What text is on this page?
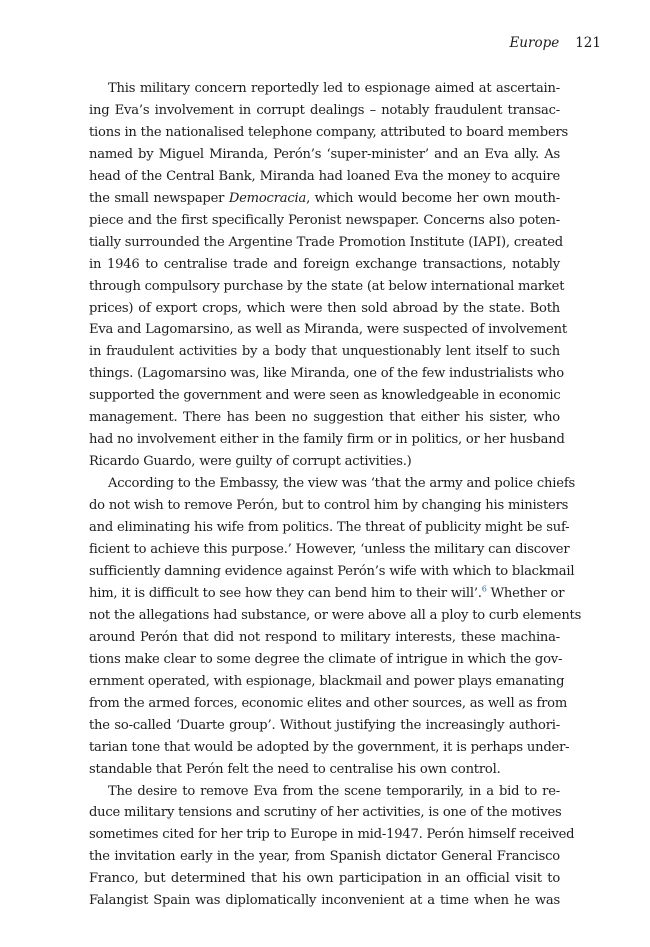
Europe 121
This military concern reportedly led to espionage aimed at ascertain-
ing Eva’s involvement in corrupt dealings – notably fraudulent transac-
tions in the nationalised telephone company, attributed to board members
named by Miguel Miranda, Perón’s ‘super-minister’ and an Eva ally. As
head of the Central Bank, Miranda had loaned Eva the money to acquire
the small newspaper Democracia, which would become her own mouth-
piece and the first specifically Peronist newspaper. Concerns also poten-
tially surrounded the Argentine Trade Promotion Institute (IAPI), created
in 1946 to centralise trade and foreign exchange transactions, notably
through compulsory purchase by the state (at below international market
prices) of export crops, which were then sold abroad by the state. Both
Eva and Lagomarsino, as well as Miranda, were suspected of involvement
in fraudulent activities by a body that unquestionably lent itself to such
things. (Lagomarsino was, like Miranda, one of the few industrialists who
supported the government and were seen as knowledgeable in economic
management. There has been no suggestion that either his sister, who
had no involvement either in the family firm or in politics, or her husband
Ricardo Guardo, were guilty of corrupt activities.)
According to the Embassy, the view was ‘that the army and police chiefs
do not wish to remove Perón, but to control him by changing his ministers
and eliminating his wife from politics. The threat of publicity might be suf-
ficient to achieve this purpose.’ However, ‘unless the military can discover
sufficiently damning evidence against Perón’s wife with which to blackmail
him, it is difficult to see how they can bend him to their will’.$^6$ Whether or
not the allegations had substance, or were above all a ploy to curb elements
around Perón that did not respond to military interests, these machina-
tions make clear to some degree the climate of intrigue in which the gov-
ernment operated, with espionage, blackmail and power plays emanating
from the armed forces, economic elites and other sources, as well as from
the so-called ‘Duarte group’. Without justifying the increasingly authori-
tarian tone that would be adopted by the government, it is perhaps under-
standable that Perón felt the need to centralise his own control.
The desire to remove Eva from the scene temporarily, in a bid to re-
duce military tensions and scrutiny of her activities, is one of the motives
sometimes cited for her trip to Europe in mid-1947. Perón himself received
the invitation early in the year, from Spanish dictator General Francisco
Franco, but determined that his own participation in an official visit to
Falangist Spain was diplomatically inconvenient at a time when he was
